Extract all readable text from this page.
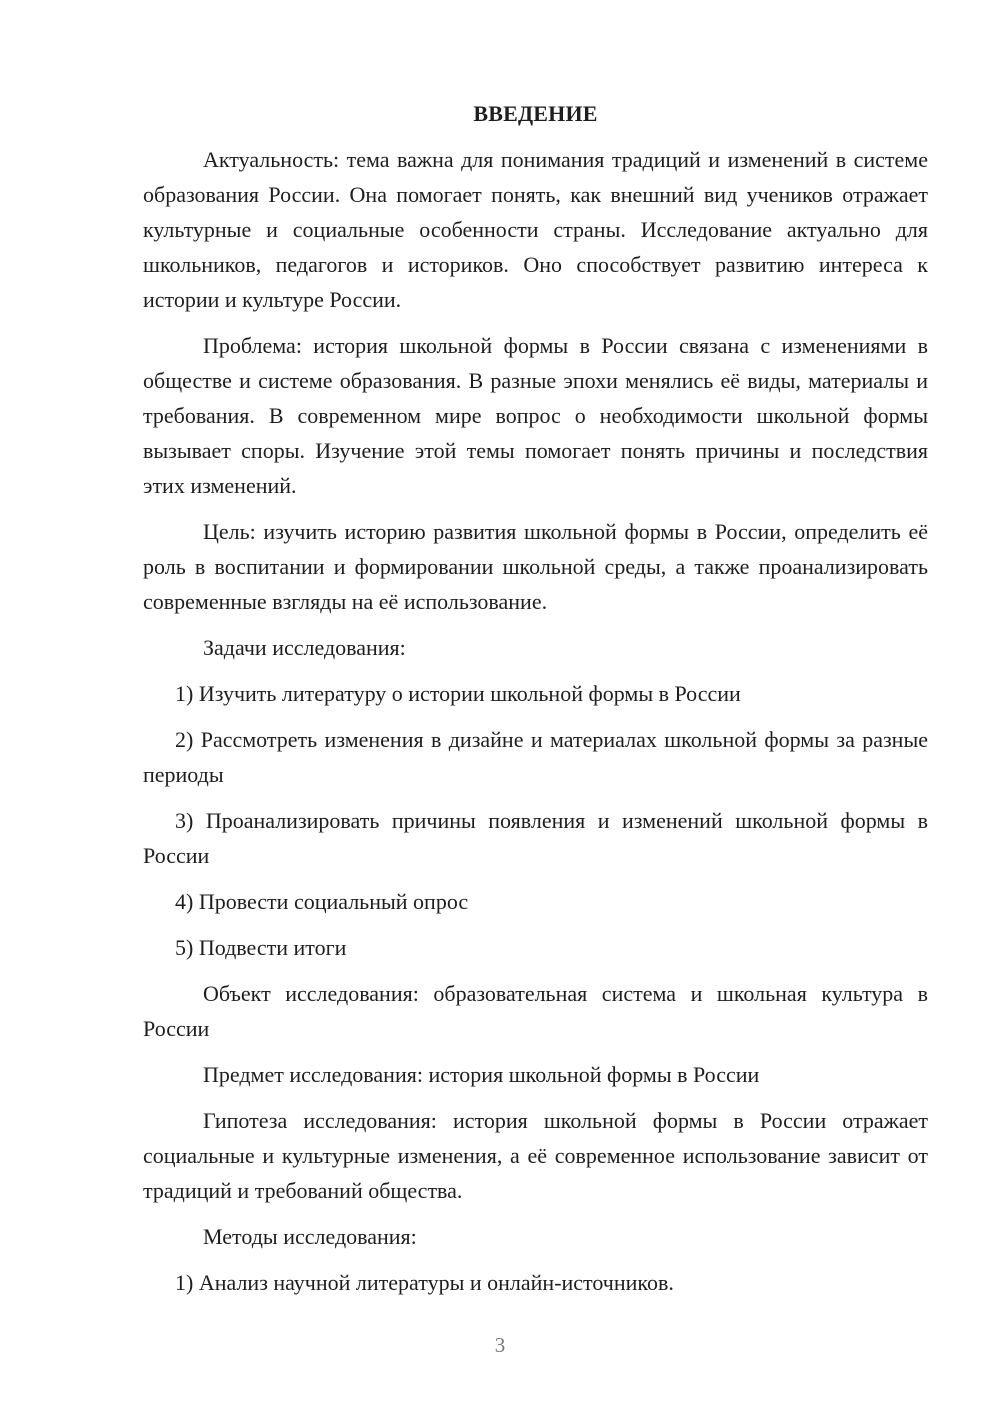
ВВЕДЕНИЕ

Актуальность: тема важна для понимания традиций и изменений в системе образования России. Она помогает понять, как внешний вид учеников отражает культурные и социальные особенности страны. Исследование актуально для школьников, педагогов и историков. Оно способствует развитию интереса к истории и культуре России.

Проблема: история школьной формы в России связана с изменениями в обществе и системе образования. В разные эпохи менялись её виды, материалы и требования. В современном мире вопрос о необходимости школьной формы вызывает споры. Изучение этой темы помогает понять причины и последствия этих изменений.

Цель: изучить историю развития школьной формы в России, определить её роль в воспитании и формировании школьной среды, а также проанализировать современные взгляды на её использование.

Задачи исследования:

1) Изучить литературу о истории школьной формы в России

2) Рассмотреть изменения в дизайне и материалах школьной формы за разные периоды

3) Проанализировать причины появления и изменений школьной формы в России

4) Провести социальный опрос

5) Подвести итоги

Объект исследования: образовательная система и школьная культура в России

Предмет исследования: история школьной формы в России

Гипотеза исследования: история школьной формы в России отражает социальные и культурные изменения, а её современное использование зависит от традиций и требований общества.

Методы исследования:

1) Анализ научной литературы и онлайн-источников.

3
